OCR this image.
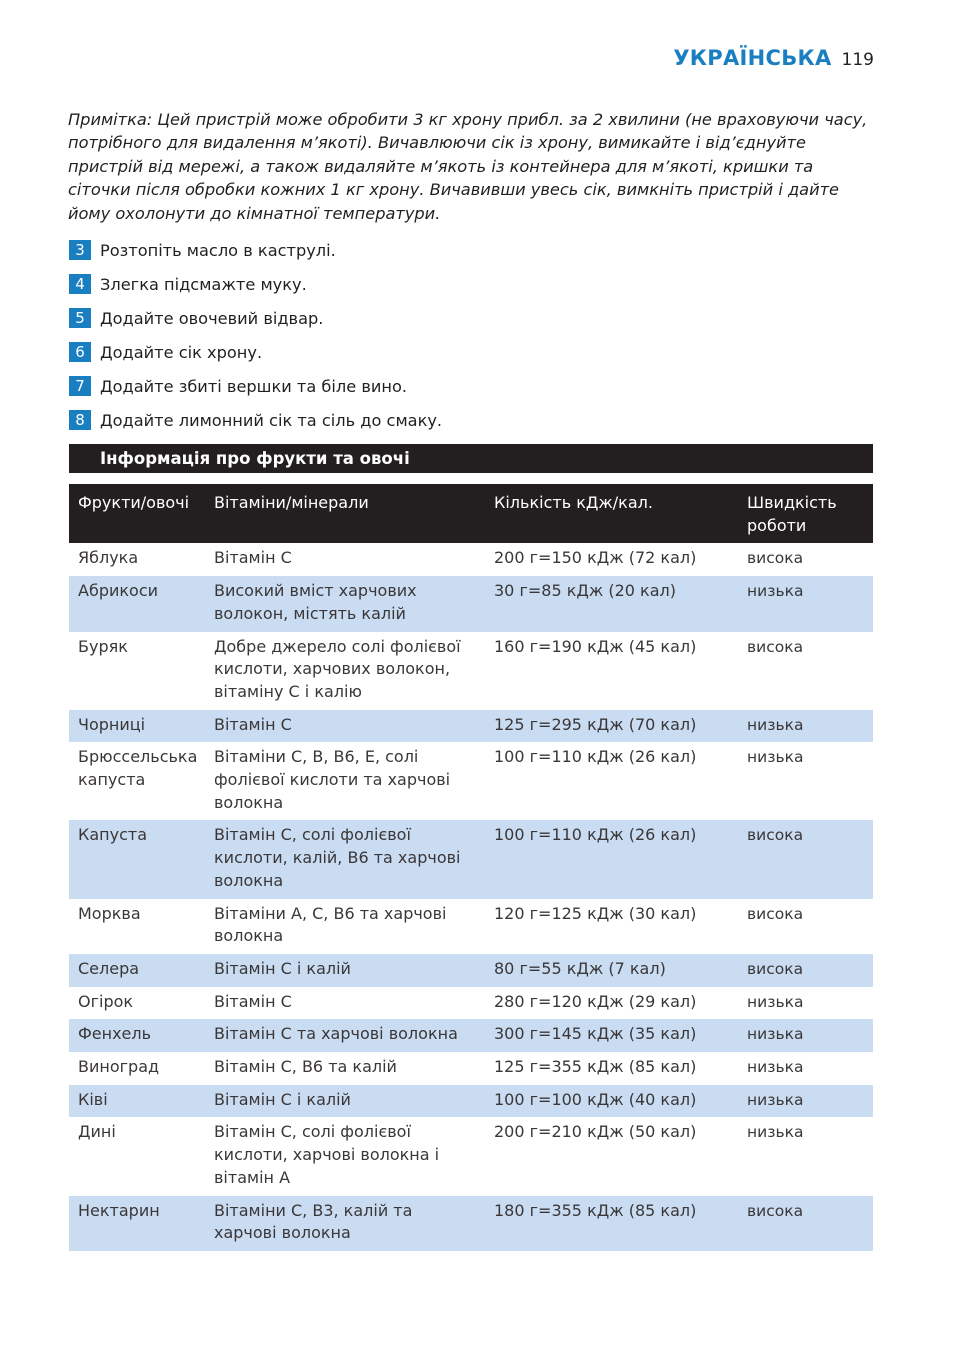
УКРАЇНСЬКА 119
Примітка: Цей пристрій може обробити 3 кг хрону прибл. за 2 хвилини (не враховуючи часу, потрібного для видалення м’якоті). Вичавлюючи сік із хрону, вимикайте і від’єднуйте пристрій від мережі, а також видаляйте м’якоть із контейнера для м’якоті, кришки та сіточки після обробки кожних 1 кг хрону. Вичавивши увесь сік, вимкніть пристрій і дайте йому охолонути до кімнатної температури.
3 Розтопіть масло в каструлі.
4 Злегка підсмажте муку.
5 Додайте овочевий відвар.
6 Додайте сік хрону.
7 Додайте збиті вершки та біле вино.
8 Додайте лимонний сік та сіль до смаку.
Інформація про фрукти та овочі
Фрукти/овочі	Вітаміни/мінерали	Кількість кДж/кал.	Швидкість роботи
Яблука	Вітамін C	200 г=150 кДж (72 кал)	висока
Абрикоси	Високий вміст харчових волокон, містять калій	30 г=85 кДж (20 кал)	низька
Буряк	Добре джерело солі фолієвої кислоти, харчових волокон, вітаміну C і калію	160 г=190 кДж (45 кал)	висока
Чорниці	Вітамін C	125 г=295 кДж (70 кал)	низька
Брюссельська капуста	Вітаміни C, B, B6, E, солі фолієвої кислоти та харчові волокна	100 г=110 кДж (26 кал)	низька
Капуста	Вітамін C, солі фолієвої кислоти, калій, B6 та харчові волокна	100 г=110 кДж (26 кал)	висока
Морква	Вітаміни A, C, B6 та харчові волокна	120 г=125 кДж (30 кал)	висока
Селера	Вітамін C і калій	80 г=55 кДж (7 кал)	висока
Огірок	Вітамін C	280 г=120 кДж (29 кал)	низька
Фенхель	Вітамін C та харчові волокна	300 г=145 кДж (35 кал)	низька
Виноград	Вітамін C, B6 та калій	125 г=355 кДж (85 кал)	низька
Ківі	Вітамін C і калій	100 г=100 кДж (40 кал)	низька
Дині	Вітамін C, солі фолієвої кислоти, харчові волокна і вітамін A	200 г=210 кДж (50 кал)	низька
Нектарин	Вітаміни C, B3, калій та харчові волокна	180 г=355 кДж (85 кал)	висока
